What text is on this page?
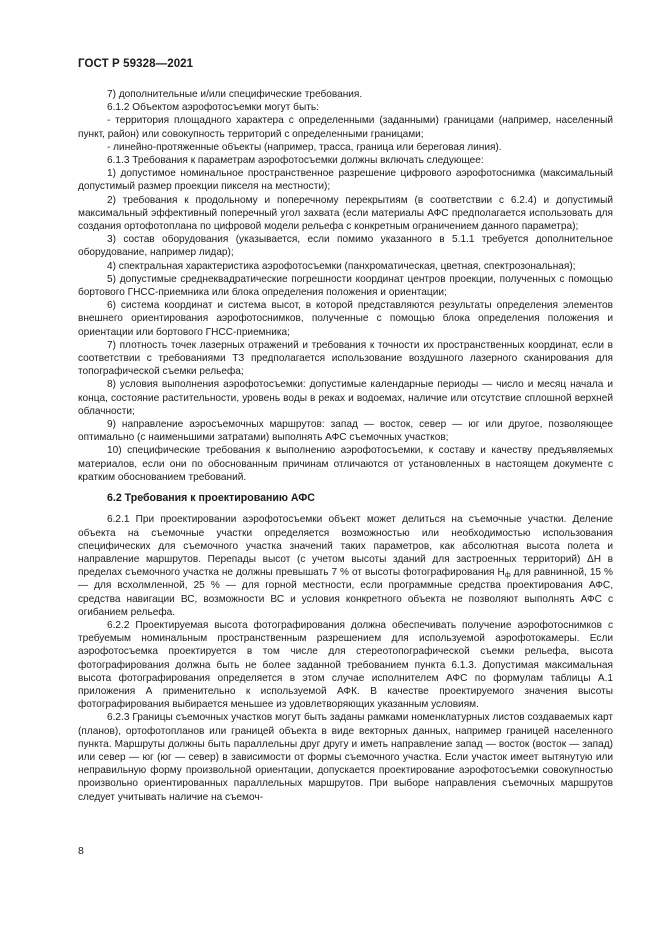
ГОСТ Р 59328—2021

7) дополнительные и/или специфические требования.

6.1.2 Объектом аэрофотосъемки могут быть:

- территория площадного характера с определенными (заданными) границами (например, населенный пункт, район) или совокупность территорий с определенными границами;

- линейно-протяженные объекты (например, трасса, граница или береговая линия).

6.1.3 Требования к параметрам аэрофотосъемки должны включать следующее:

1) допустимое номинальное пространственное разрешение цифрового аэрофотоснимка (максимальный допустимый размер проекции пикселя на местности);

2) требования к продольному и поперечному перекрытиям (в соответствии с 6.2.4) и допустимый максимальный эффективный поперечный угол захвата (если материалы АФС предполагается использовать для создания ортофотоплана по цифровой модели рельефа с конкретным ограничением данного параметра);

3) состав оборудования (указывается, если помимо указанного в 5.1.1 требуется дополнительное оборудование, например лидар);

4) спектральная характеристика аэрофотосъемки (панхроматическая, цветная, спектрозональная);

5) допустимые среднеквадратические погрешности координат центров проекции, полученных с помощью бортового ГНСС-приемника или блока определения положения и ориентации;

6) система координат и система высот, в которой представляются результаты определения элементов внешнего ориентирования аэрофотоснимков, полученные с помощью блока определения положения и ориентации или бортового ГНСС-приемника;

7) плотность точек лазерных отражений и требования к точности их пространственных координат, если в соответствии с требованиями ТЗ предполагается использование воздушного лазерного сканирования для топографической съемки рельефа;

8) условия выполнения аэрофотосъемки: допустимые календарные периоды — число и месяц начала и конца, состояние растительности, уровень воды в реках и водоемах, наличие или отсутствие сплошной верхней облачности;

9) направление аэросъемочных маршрутов: запад — восток, север — юг или другое, позволяющее оптимально (с наименьшими затратами) выполнять АФС съемочных участков;

10) специфические требования к выполнению аэрофотосъемки, к составу и качеству предъявляемых материалов, если они по обоснованным причинам отличаются от установленных в настоящем документе с кратким обоснованием требований.

6.2 Требования к проектированию АФС

6.2.1 При проектировании аэрофотосъемки объект может делиться на съемочные участки. Деление объекта на съемочные участки определяется возможностью или необходимостью использования специфических для съемочного участка значений таких параметров, как абсолютная высота полета и направление маршрутов. Перепады высот (с учетом высоты зданий для застроенных территорий) ΔH в пределах съемочного участка не должны превышать 7 % от высоты фотографирования $H_ф$ для равнинной, 15 % — для всхолмленной, 25 % — для горной местности, если программные средства проектирования АФС, средства навигации ВС, возможности ВС и условия конкретного объекта не позволяют выполнять АФС с огибанием рельефа.

6.2.2 Проектируемая высота фотографирования должна обеспечивать получение аэрофотоснимков с требуемым номинальным пространственным разрешением для используемой аэрофотокамеры. Если аэрофотосъемка проектируется в том числе для стереотопографической съемки рельефа, высота фотографирования должна быть не более заданной требованием пункта 6.1.3. Допустимая максимальная высота фотографирования определяется в этом случае исполнителем АФС по формулам таблицы А.1 приложения А применительно к используемой АФК. В качестве проектируемого значения высоты фотографирования выбирается меньшее из удовлетворяющих указанным условиям.

6.2.3 Границы съемочных участков могут быть заданы рамками номенклатурных листов создаваемых карт (планов), ортофотопланов или границей объекта в виде векторных данных, например границей населенного пункта. Маршруты должны быть параллельны друг другу и иметь направление запад — восток (восток — запад) или север — юг (юг — север) в зависимости от формы съемочного участка. Если участок имеет вытянутую или неправильную форму произвольной ориентации, допускается проектирование аэрофотосъемки совокупностью произвольно ориентированных параллельных маршрутов. При выборе направления съемочных маршрутов следует учитывать наличие на съемоч-

8
